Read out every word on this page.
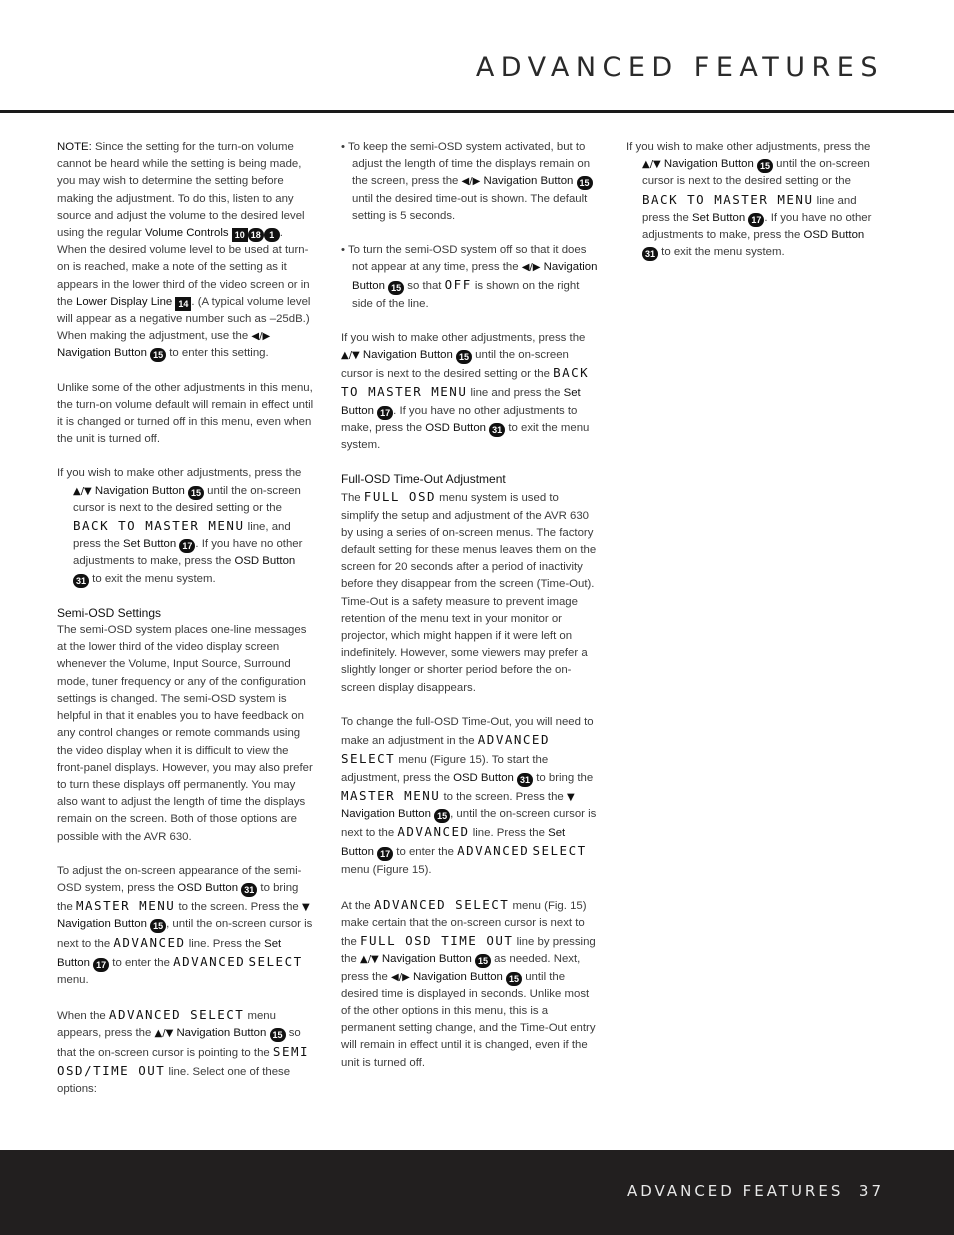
ADVANCED FEATURES

NOTE: Since the setting for the turn-on volume cannot be heard while the setting is being made, you may wish to determine the setting before making the adjustment. To do this, listen to any source and adjust the volume to the desired level using the regular Volume Controls 10 18 1 . When the desired volume level to be used at turn-on is reached, make a note of the setting as it appears in the lower third of the video screen or in the Lower Display Line 14 . (A typical volume level will appear as a negative number such as –25dB.) When making the adjustment, use the ◀/▶ Navigation Button 15 to enter this setting.

Unlike some of the other adjustments in this menu, the turn-on volume default will remain in effect until it is changed or turned off in this menu, even when the unit is turned off.

If you wish to make other adjustments, press the ▲/▼ Navigation Button 15 until the on-screen cursor is next to the desired setting or the BACK TO MASTER MENU line, and press the Set Button 17 . If you have no other adjustments to make, press the OSD Button 31 to exit the menu system.

Semi-OSD Settings

The semi-OSD system places one-line messages at the lower third of the video display screen whenever the Volume, Input Source, Surround mode, tuner frequency or any of the configuration settings is changed. The semi-OSD system is helpful in that it enables you to have feedback on any control changes or remote commands using the video display when it is difficult to view the front-panel displays. However, you may also prefer to turn these displays off permanently. You may also want to adjust the length of time the displays remain on the screen. Both of those options are possible with the AVR 630.

To adjust the on-screen appearance of the semi-OSD system, press the OSD Button 31 to bring the MASTER MENU to the screen. Press the ▼ Navigation Button 15 , until the on-screen cursor is next to the ADVANCED line. Press the Set Button 17 to enter the ADVANCED SELECT menu.

When the ADVANCED SELECT menu appears, press the ▲/▼ Navigation Button 15 so that the on-screen cursor is pointing to the SEMI OSD/TIME OUT line. Select one of these options:

• To keep the semi-OSD system activated, but to adjust the length of time the displays remain on the screen, press the ◀/▶ Navigation Button 15 until the desired time-out is shown. The default setting is 5 seconds.

• To turn the semi-OSD system off so that it does not appear at any time, press the ◀/▶ Navigation Button 15 so that OFF is shown on the right side of the line.

If you wish to make other adjustments, press the ▲/▼ Navigation Button 15 until the on-screen cursor is next to the desired setting or the BACK TO MASTER MENU line and press the Set Button 17 . If you have no other adjustments to make, press the OSD Button 31 to exit the menu system.

Full-OSD Time-Out Adjustment

The FULL OSD menu system is used to simplify the setup and adjustment of the AVR 630 by using a series of on-screen menus. The factory default setting for these menus leaves them on the screen for 20 seconds after a period of inactivity before they disappear from the screen (Time-Out). Time-Out is a safety measure to prevent image retention of the menu text in your monitor or projector, which might happen if it were left on indefinitely. However, some viewers may prefer a slightly longer or shorter period before the on-screen display disappears.

To change the full-OSD Time-Out, you will need to make an adjustment in the ADVANCED SELECT menu (Figure 15). To start the adjustment, press the OSD Button 31 to bring the MASTER MENU to the screen. Press the ▼ Navigation Button 15 , until the on-screen cursor is next to the ADVANCED line. Press the Set Button 17 to enter the ADVANCED SELECT menu (Figure 15).

At the ADVANCED SELECT menu (Fig. 15) make certain that the on-screen cursor is next to the FULL OSD TIME OUT line by pressing the ▲/▼ Navigation Button 15 as needed. Next, press the ◀/▶ Navigation Button 15 until the desired time is displayed in seconds. Unlike most of the other options in this menu, this is a permanent setting change, and the Time-Out entry will remain in effect until it is changed, even if the unit is turned off.

If you wish to make other adjustments, press the ▲/▼ Navigation Button 15 until the on-screen cursor is next to the desired setting or the BACK TO MASTER MENU line and press the Set Button 17 . If you have no other adjustments to make, press the OSD Button 31 to exit the menu system.

ADVANCED FEATURES 37
